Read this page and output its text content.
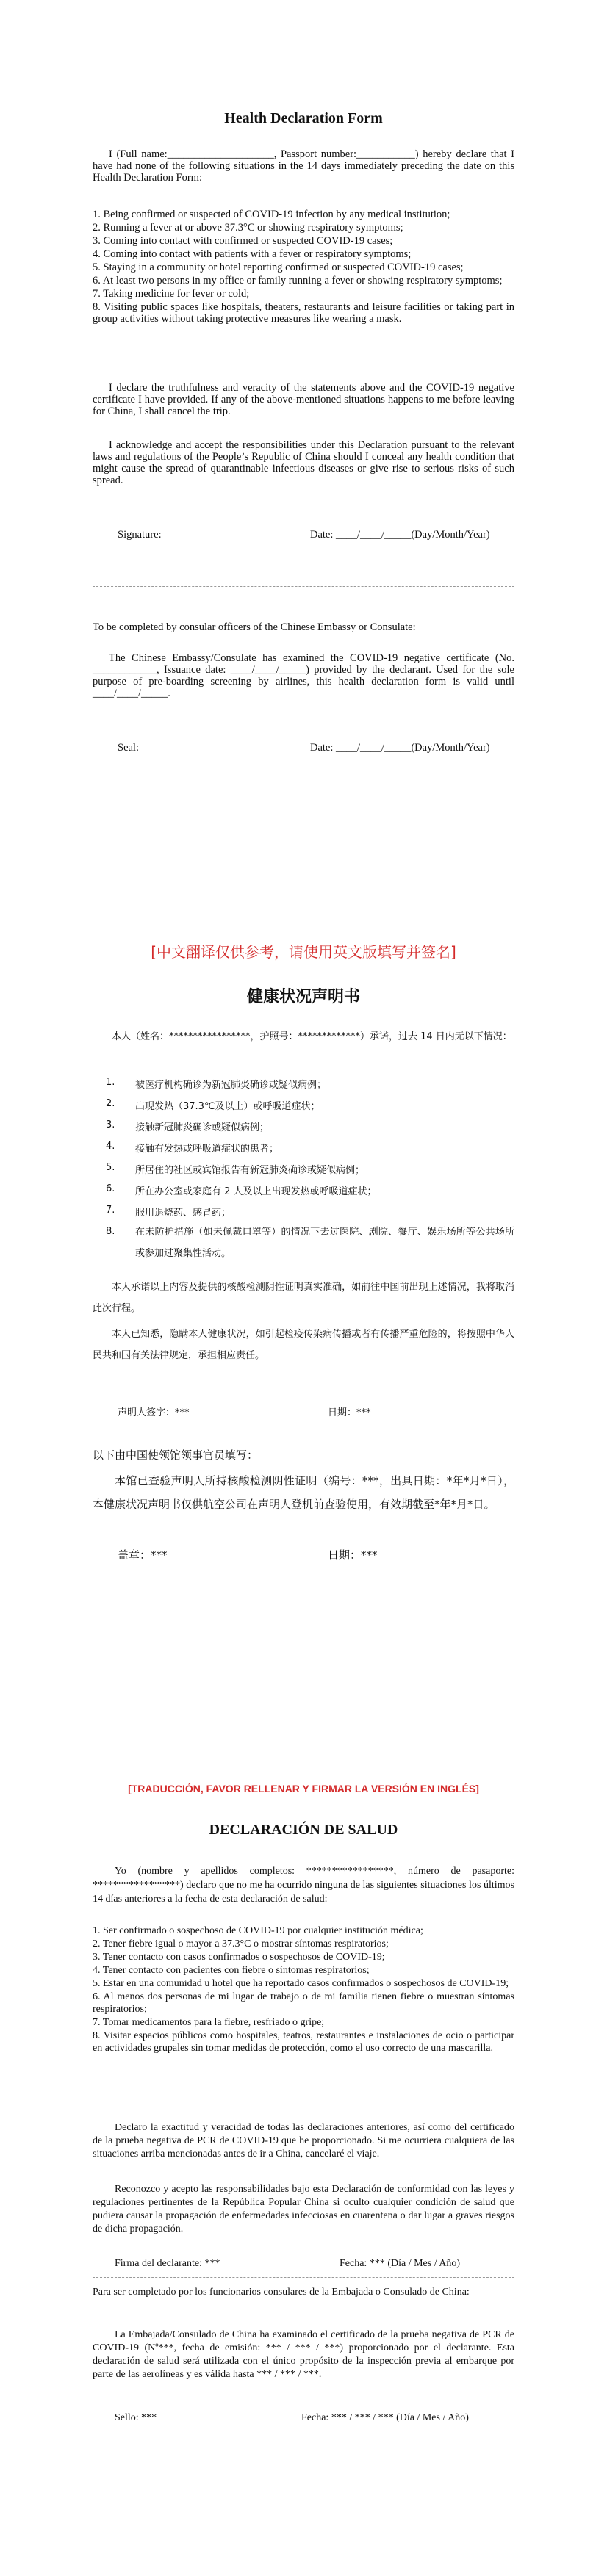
Health Declaration Form
I (Full name:____________________, Passport number:___________) hereby declare that I have had none of the following situations in the 14 days immediately preceding the date on this Health Declaration Form:
1. Being confirmed or suspected of COVID-19 infection by any medical institution;
2. Running a fever at or above 37.3°C or showing respiratory symptoms;
3. Coming into contact with confirmed or suspected COVID-19 cases;
4. Coming into contact with patients with a fever or respiratory symptoms;
5. Staying in a community or hotel reporting confirmed or suspected COVID-19 cases;
6. At least two persons in my office or family running a fever or showing respiratory symptoms;
7. Taking medicine for fever or cold;
8. Visiting public spaces like hospitals, theaters, restaurants and leisure facilities or taking part in group activities without taking protective measures like wearing a mask.
I declare the truthfulness and veracity of the statements above and the COVID-19 negative certificate I have provided. If any of the above-mentioned situations happens to me before leaving for China, I shall cancel the trip.
I acknowledge and accept the responsibilities under this Declaration pursuant to the relevant laws and regulations of the People’s Republic of China should I conceal any health condition that might cause the spread of quarantinable infectious diseases or give rise to serious risks of such spread.
Signature:	Date: ____/____/_____(Day/Month/Year)
To be completed by consular officers of the Chinese Embassy or Consulate:
The Chinese Embassy/Consulate has examined the COVID-19 negative certificate (No. ____________, Issuance date: ____/____/_____) provided by the declarant. Used for the sole purpose of pre-boarding screening by airlines, this health declaration form is valid until ____/____/_____.
Seal:	Date: ____/____/_____(Day/Month/Year)
[中文翻译仅供参考，请使用英文版填写并签名]
健康状况声明书
本人（姓名：*****************，护照号：*************）承诺，过去 14 日内无以下情况：
1. 被医疗机构确诊为新冠肺炎确诊或疑似病例；
2. 出现发热（37.3℃及以上）或呼吸道症状；
3. 接触新冠肺炎确诊或疑似病例；
4. 接触有发热或呼吸道症状的患者；
5. 所居住的社区或宾馆报告有新冠肺炎确诊或疑似病例；
6. 所在办公室或家庭有 2 人及以上出现发热或呼吸道症状；
7. 服用退烧药、感冒药；
8. 在未防护措施（如未佩戴口罩等）的情况下去过医院、剧院、餐厅、娱乐场所等公共场所或参加过聚集性活动。
本人承诺以上内容及提供的核酸检测阴性证明真实准确，如前往中国前出现上述情况，我将取消此次行程。
本人已知悉，隐瞒本人健康状况，如引起检疫传染病传播或者有传播严重危险的，将按照中华人民共和国有关法律规定，承担相应责任。
声明人签字：***	日期：***
以下由中国使领馆领事官员填写：
本馆已查验声明人所持核酸检测阴性证明（编号：***，出具日期：*年*月*日），本健康状况声明书仅供航空公司在声明人登机前查验使用，有效期截至*年*月*日。
盖章：***	日期：***
[TRADUCCIÓN, FAVOR RELLENAR Y FIRMAR LA VERSIÓN EN INGLÉS]
DECLARACIÓN DE SALUD
Yo (nombre y apellidos completos: *****************, número de pasaporte: *****************) declaro que no me ha ocurrido ninguna de las siguientes situaciones los últimos 14 días anteriores a la fecha de esta declaración de salud:
1. Ser confirmado o sospechoso de COVID-19 por cualquier institución médica;
2. Tener fiebre igual o mayor a 37.3°C o mostrar síntomas respiratorios;
3. Tener contacto con casos confirmados o sospechosos de COVID-19;
4. Tener contacto con pacientes con fiebre o síntomas respiratorios;
5. Estar en una comunidad u hotel que ha reportado casos confirmados o sospechosos de COVID-19;
6. Al menos dos personas de mi lugar de trabajo o de mi familia tienen fiebre o muestran síntomas respiratorios;
7. Tomar medicamentos para la fiebre, resfriado o gripe;
8. Visitar espacios públicos como hospitales, teatros, restaurantes e instalaciones de ocio o participar en actividades grupales sin tomar medidas de protección, como el uso correcto de una mascarilla.
Declaro la exactitud y veracidad de todas las declaraciones anteriores, así como del certificado de la prueba negativa de PCR de COVID-19 que he proporcionado. Si me ocurriera cualquiera de las situaciones arriba mencionadas antes de ir a China, cancelaré el viaje.
Reconozco y acepto las responsabilidades bajo esta Declaración de conformidad con las leyes y regulaciones pertinentes de la República Popular China si oculto cualquier condición de salud que pudiera causar la propagación de enfermedades infecciosas en cuarentena o dar lugar a graves riesgos de dicha propagación.
Firma del declarante: ***	Fecha: *** (Día / Mes / Año)
Para ser completado por los funcionarios consulares de la Embajada o Consulado de China:
La Embajada/Consulado de China ha examinado el certificado de la prueba negativa de PCR de COVID-19 (Nº***, fecha de emisión: *** / *** / ***) proporcionado por el declarante. Esta declaración de salud será utilizada con el único propósito de la inspección previa al embarque por parte de las aerolíneas y es válida hasta *** / *** / ***.
Sello: ***	Fecha: *** / *** / *** (Día / Mes / Año)
